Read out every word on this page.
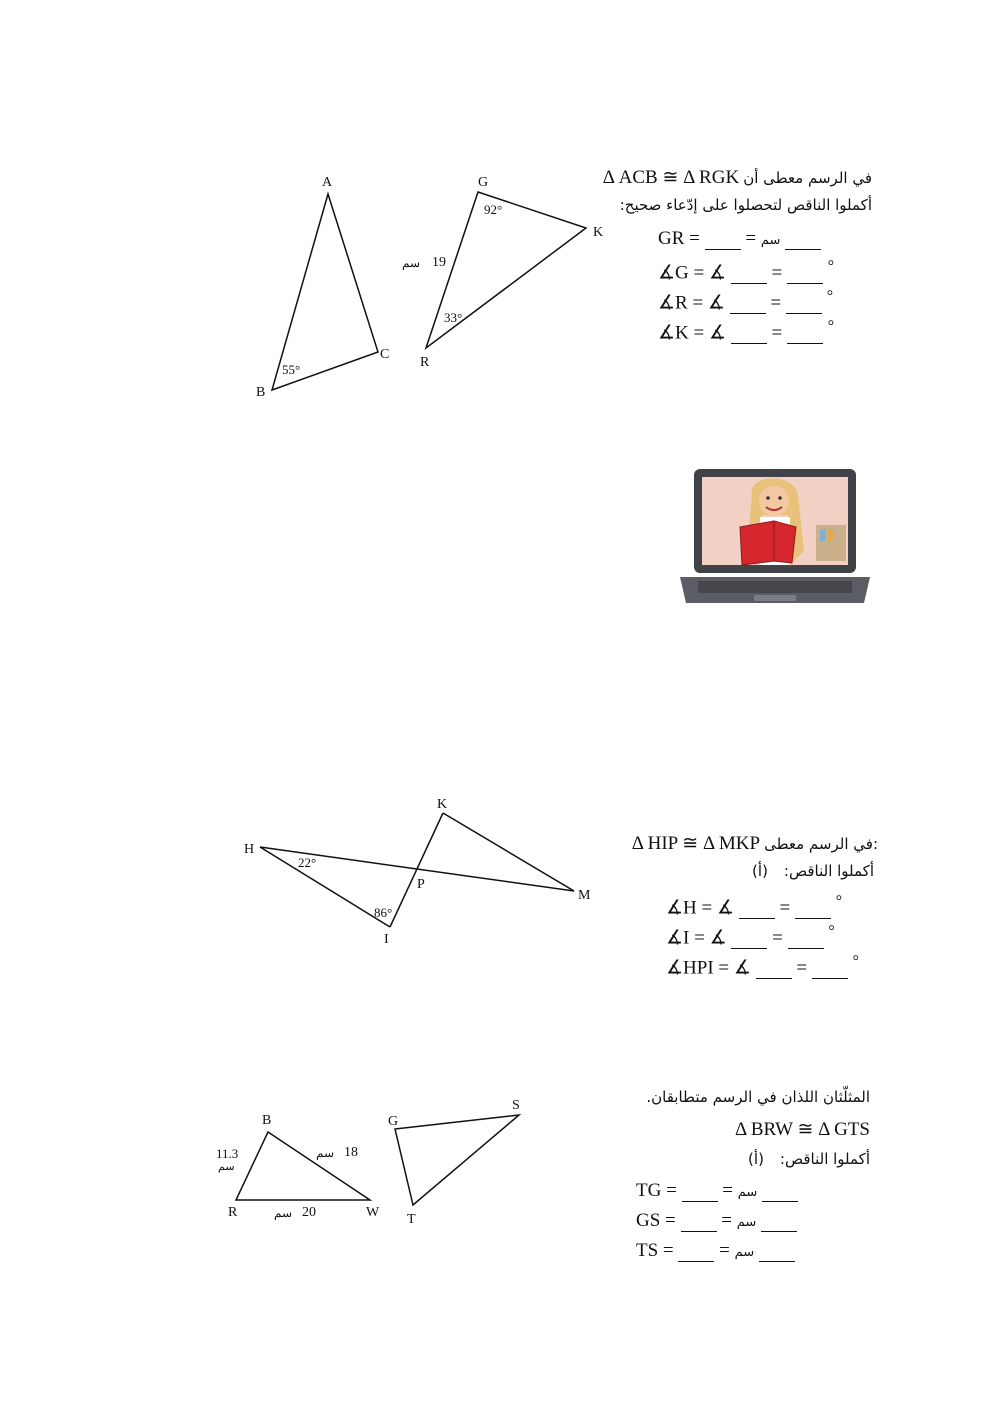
A
B
C
55°
G
K
R
92°
33°
19
سم
Δ ACB ≅ Δ RGK في الرسم معطى أن
أكملوا الناقص لتحصلوا على إدّعاء صحيح:
GR = = سم
∡G = ∡ =	°
∡R = ∡ =	°
∡K = ∡ =	°
H
K
P
M
I
22°
86°
Δ HIP ≅ Δ MKP في الرسم معطى:
أكملوا الناقص: (أ)
∡H = ∡ =	°
∡I = ∡ =	°
∡HPI = ∡ =	°
B
R	W
11.3
سم
18
سم
20
سم
G
S
T
المثلّثان اللذان في الرسم متطابقان.
Δ BRW ≅ Δ GTS
أكملوا الناقص: (أ)
TG = = سم
GS = = سم
TS = = سم
